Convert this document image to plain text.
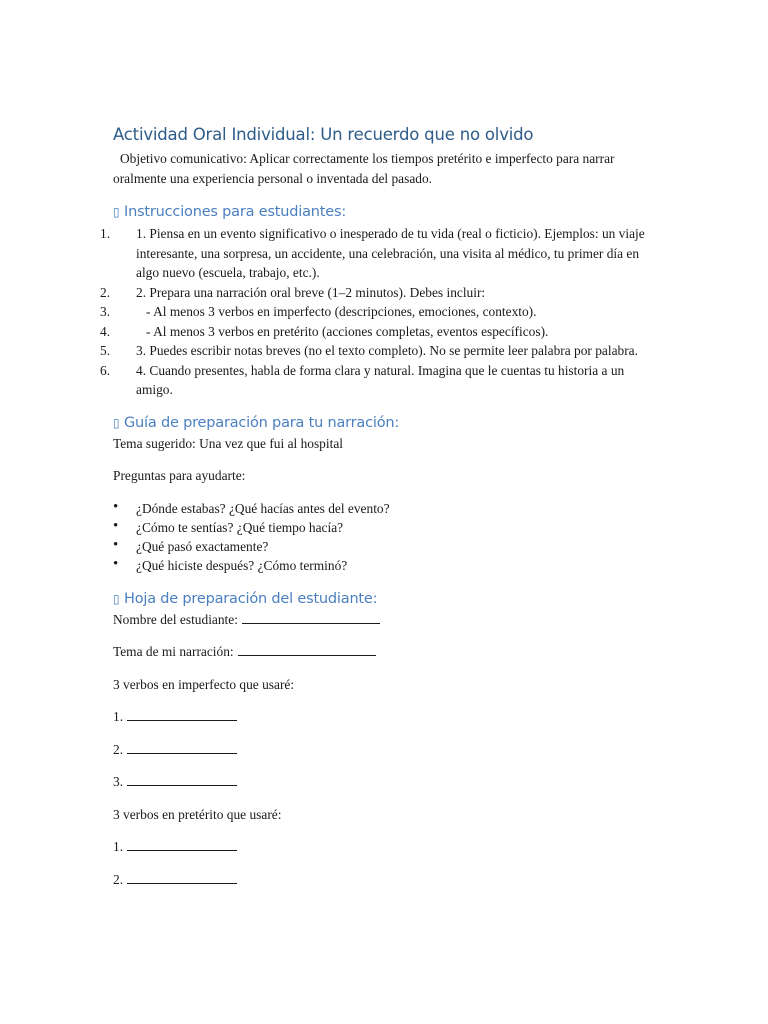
Actividad Oral Individual: Un recuerdo que no olvido

Objetivo comunicativo: Aplicar correctamente los tiempos pretérito e imperfecto para narrar oralmente una experiencia personal o inventada del pasado.

▯ Instrucciones para estudiantes:
1.	1. Piensa en un evento significativo o inesperado de tu vida (real o ficticio). Ejemplos: un viaje interesante, una sorpresa, un accidente, una celebración, una visita al médico, tu primer día en algo nuevo (escuela, trabajo, etc.).
2.	2. Prepara una narración oral breve (1–2 minutos). Debes incluir:
3.	- Al menos 3 verbos en imperfecto (descripciones, emociones, contexto).
4.	- Al menos 3 verbos en pretérito (acciones completas, eventos específicos).
5.	3. Puedes escribir notas breves (no el texto completo). No se permite leer palabra por palabra.
6.	4. Cuando presentes, habla de forma clara y natural. Imagina que le cuentas tu historia a un amigo.
▯ Guía de preparación para tu narración:

Tema sugerido: Una vez que fui al hospital

Preguntas para ayudarte:

• ¿Dónde estabas? ¿Qué hacías antes del evento?
• ¿Cómo te sentías? ¿Qué tiempo hacía?
• ¿Qué pasó exactamente?
• ¿Qué hiciste después? ¿Cómo terminó?
▯ Hoja de preparación del estudiante:

Nombre del estudiante:

Tema de mi narración:

3 verbos en imperfecto que usaré:

1.

2.

3.

3 verbos en pretérito que usaré:

1.

2.
